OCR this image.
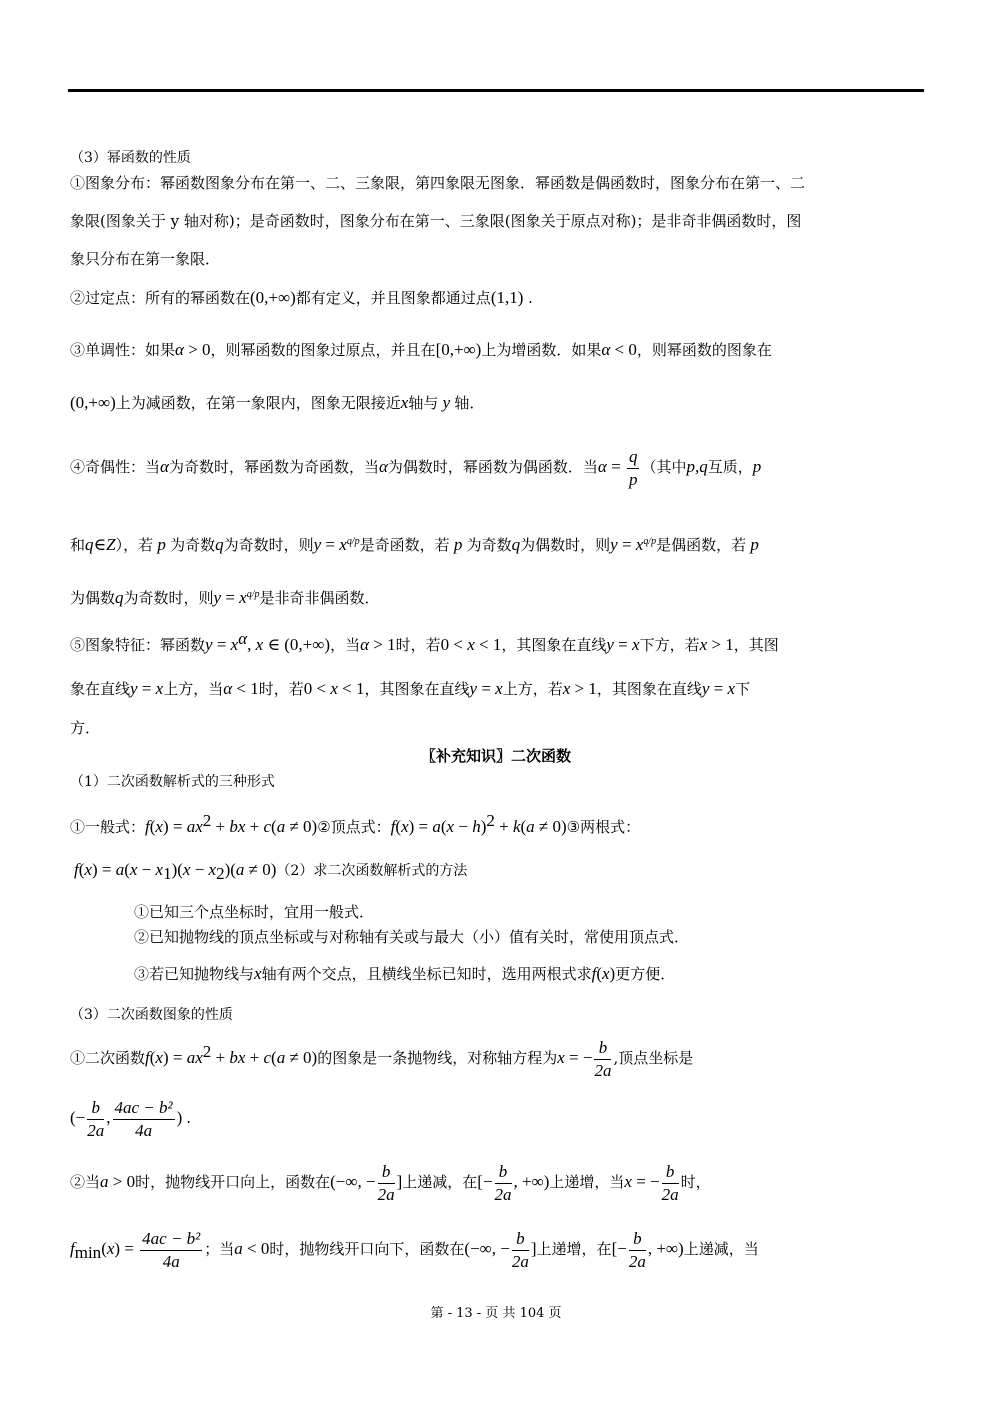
（3）幂函数的性质
①图象分布：幂函数图象分布在第一、二、三象限，第四象限无图象．幂函数是偶函数时，图象分布在第一、二
象限(图象关于 y 轴对称)；是奇函数时，图象分布在第一、三象限(图象关于原点对称)；是非奇非偶函数时，图
象只分布在第一象限．
②过定点：所有的幂函数在(0,+∞)都有定义，并且图象都通过点(1,1) .
③单调性：如果α > 0，则幂函数的图象过原点，并且在[0,+∞)上为增函数．如果α < 0，则幂函数的图象在
(0,+∞)上为减函数，在第一象限内，图象无限接近x轴与 y 轴．
④奇偶性：当α为奇数时，幂函数为奇函数，当α为偶数时，幂函数为偶函数．当$\alpha = \frac{q}{p}$ （其中p,q互质，p
和q∈Z），若 p 为奇数q为奇数时，则$y = x^{q/p}$是奇函数，若 p 为奇数q为偶数时，则$y = x^{q/p}$是偶函数，若 p
为偶数q为奇数时，则$y = x^{q/p}$是非奇非偶函数．
⑤图象特征：幂函数$y = x^\alpha$, x ∈ (0,+∞)，当α > 1时，若0 < x < 1，其图象在直线y = x下方，若x > 1，其图
象在直线y = x上方，当α < 1时，若0 < x < 1，其图象在直线y = x上方，若x > 1，其图象在直线y = x下
方．
〖补充知识〗二次函数
（1）二次函数解析式的三种形式
①一般式：$f(x) = ax^2$ + bx + c(a ≠ 0)②顶点式：$f(x) = a(x - h)^2 + k(a$ ≠ 0)③两根式：
$f(x) = a(x - x_1)(x - x_2)(a \ne 0)(2)$求二次函数解析式的方法
①已知三个点坐标时，宜用一般式．
②已知抛物线的顶点坐标或与对称轴有关或与最大（小）值有关时，常使用顶点式．
③若已知抛物线与x轴有两个交点，且横线坐标已知时，选用两根式求f(x)更方便．
（3）二次函数图象的性质
①二次函数$f(x) = ax^2$ + bx + c(a ≠ 0)的图象是一条抛物线，对称轴方程为x = − $\frac{b}{2a}$ ,顶点坐标是
(− $\frac{b}{2a}$ , $\frac{\text{4ac − b²}}{4a}$ ) .
②当a > 0时，抛物线开口向上，函数在(−∞, − $\frac{b}{2a}$ ]上递减，在[− $\frac{b}{2a}$ , +∞)上递增，当x = − $\frac{b}{2a}$ 时，
$f_{min}(x) = \frac{\text{4ac − b²}}{4a}$ ；当a < 0时，抛物线开口向下，函数在(−∞, − $\frac{b}{2a}$ ]上递增，在[− $\frac{b}{2a}$ , +∞)上递减，当
第 - 13 - 页 共 104 页
